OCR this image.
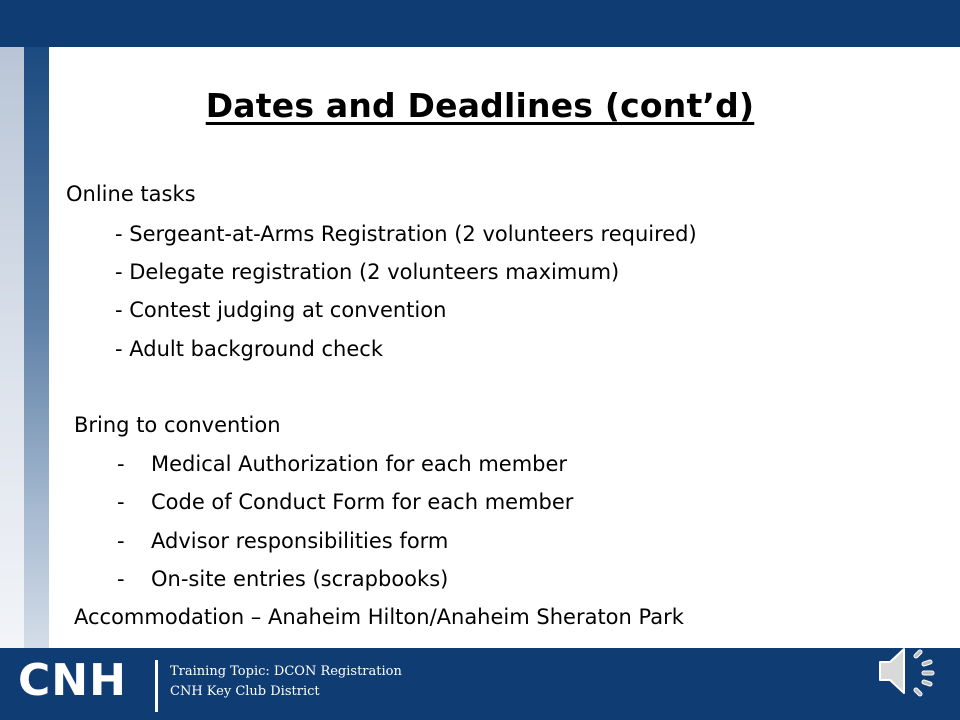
Dates and Deadlines (cont’d)
Online tasks
- Sergeant-at-Arms Registration (2 volunteers required)
- Delegate registration (2 volunteers maximum)
- Contest judging at convention
- Adult background check
Bring to convention
- Medical Authorization for each member
- Code of Conduct Form for each member
- Advisor responsibilities form
- On-site entries (scrapbooks)
Accommodation – Anaheim Hilton/Anaheim Sheraton Park
CNH	Training Topic: DCON Registration
CNH Key Club District
